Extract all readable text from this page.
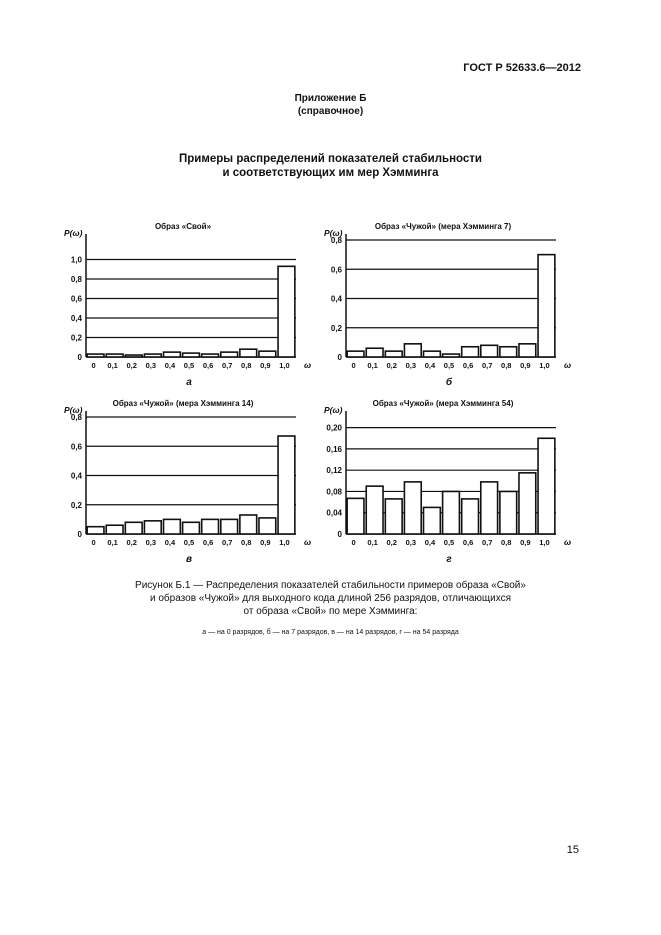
ГОСТ Р 52633.6—2012
Приложение Б
(справочное)
Примеры распределений показателей стабильности
и соответствующих им мер Хэмминга
Образ «Свой»
P(ω)
0
0,2
0,4
0,6
0,8
1,0
0 0,1 0,2 0,3 0,4 0,5 0,6 0,7 0,8 0,9 1,0 ω
а
Образ «Чужой» (мера Хэмминга 7)
P(ω)
0
0,2
0,4
0,6
0,8
0 0,1 0,2 0,3 0,4 0,5 0,6 0,7 0,8 0,9 1,0 ω
б
Образ «Чужой» (мера Хэмминга 14)
P(ω)
0
0,2
0,4
0,6
0,8
0 0,1 0,2 0,3 0,4 0,5 0,6 0,7 0,8 0,9 1,0 ω
в
Образ «Чужой» (мера Хэмминга 54)
P(ω)
0
0,04
0,08
0,12
0,16
0,20
0 0,1 0,2 0,3 0,4 0,5 0,6 0,7 0,8 0,9 1,0 ω
г
Рисунок Б.1 — Распределения показателей стабильности примеров образа «Свой»
и образов «Чужой» для выходного кода длиной 256 разрядов, отличающихся
от образа «Свой» по мере Хэмминга:
а — на 0 разрядов, б — на 7 разрядов, в — на 14 разрядов, г — на 54 разряда
15
